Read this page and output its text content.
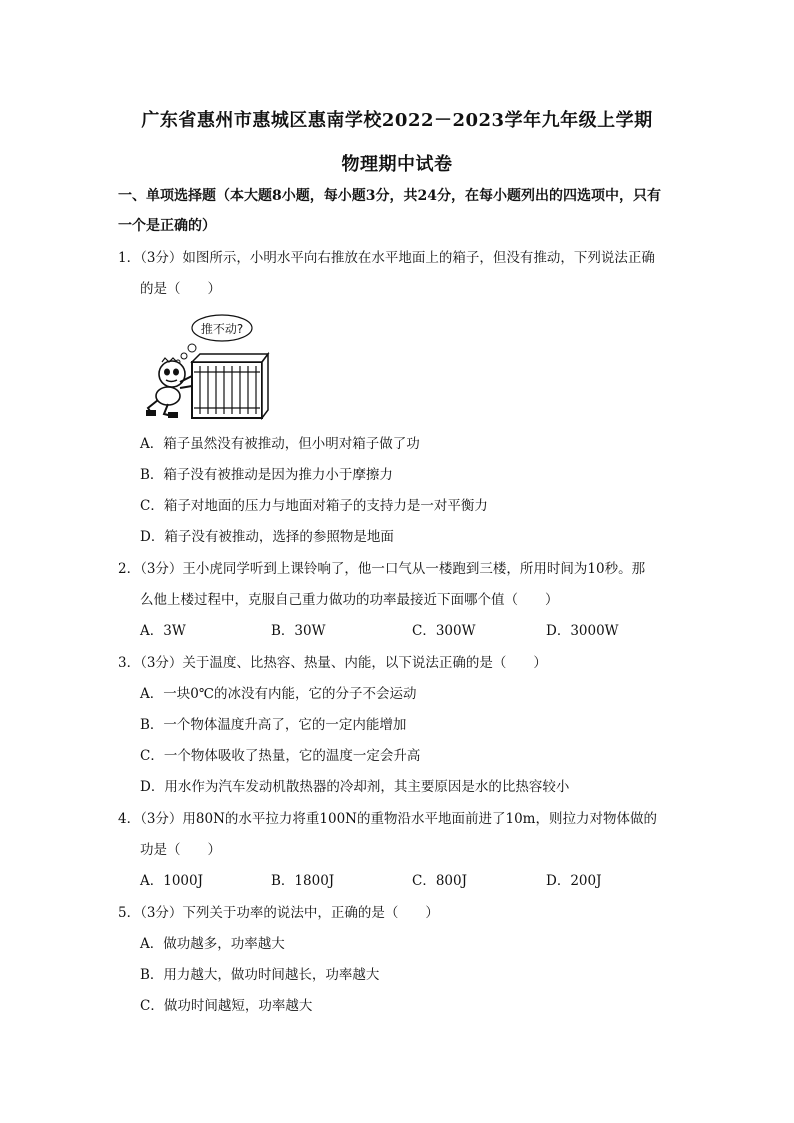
广东省惠州市惠城区惠南学校2022－2023学年九年级上学期
物理期中试卷
一、单项选择题（本大题8小题，每小题3分，共24分，在每小题列出的四选项中，只有
一个是正确的）
1．（3分）如图所示，小明水平向右推放在水平地面上的箱子，但没有推动，下列说法正确
的是（　　）
推不动?
A．箱子虽然没有被推动，但小明对箱子做了功
B．箱子没有被推动是因为推力小于摩擦力
C．箱子对地面的压力与地面对箱子的支持力是一对平衡力
D．箱子没有被推动，选择的参照物是地面
2．（3分）王小虎同学听到上课铃响了，他一口气从一楼跑到三楼，所用时间为10秒。那
么他上楼过程中，克服自己重力做功的功率最接近下面哪个值（　　）
A．3W	B．30W	C．300W	D．3000W
3．（3分）关于温度、比热容、热量、内能，以下说法正确的是（　　）
A．一块0℃的冰没有内能，它的分子不会运动
B．一个物体温度升高了，它的一定内能增加
C．一个物体吸收了热量，它的温度一定会升高
D．用水作为汽车发动机散热器的冷却剂，其主要原因是水的比热容较小
4．（3分）用80N的水平拉力将重100N的重物沿水平地面前进了10m，则拉力对物体做的
功是（　　）
A．1000J	B．1800J	C．800J	D．200J
5．（3分）下列关于功率的说法中，正确的是（　　）
A．做功越多，功率越大
B．用力越大，做功时间越长，功率越大
C．做功时间越短，功率越大
